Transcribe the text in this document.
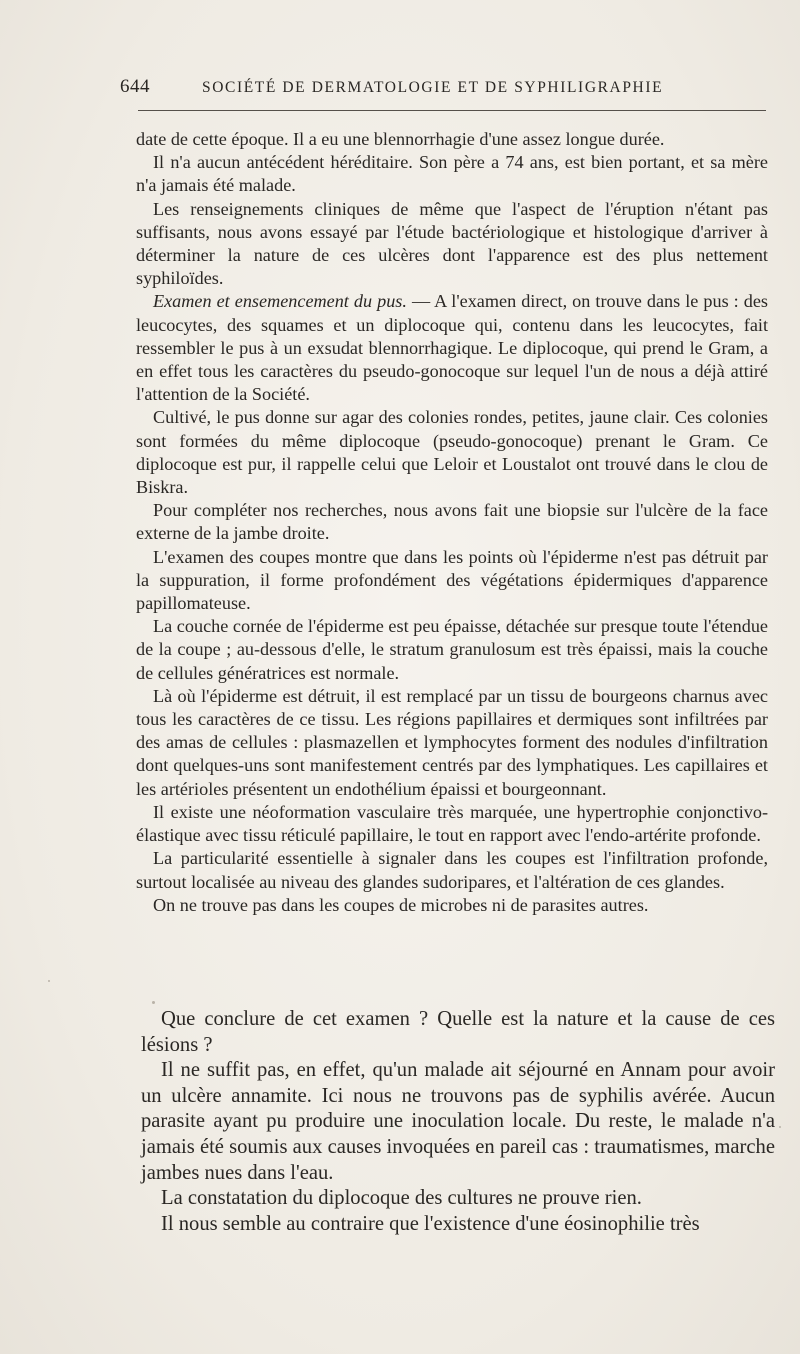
644	SOCIÉTÉ DE DERMATOLOGIE ET DE SYPHILIGRAPHIE

date de cette époque. Il a eu une blennorrhagie d'une assez longue durée.

Il n'a aucun antécédent héréditaire. Son père a 74 ans, est bien portant, et sa mère n'a jamais été malade.

Les renseignements cliniques de même que l'aspect de l'éruption n'étant pas suffisants, nous avons essayé par l'étude bactériologique et histologique d'arriver à déterminer la nature de ces ulcères dont l'apparence est des plus nettement syphiloïdes.

Examen et ensemencement du pus. — A l'examen direct, on trouve dans le pus : des leucocytes, des squames et un diplocoque qui, contenu dans les leucocytes, fait ressembler le pus à un exsudat blennorrhagique. Le diplocoque, qui prend le Gram, a en effet tous les caractères du pseudo-gonocoque sur lequel l'un de nous a déjà attiré l'attention de la Société.

Cultivé, le pus donne sur agar des colonies rondes, petites, jaune clair. Ces colonies sont formées du même diplocoque (pseudo-gonocoque) prenant le Gram. Ce diplocoque est pur, il rappelle celui que Leloir et Loustalot ont trouvé dans le clou de Biskra.

Pour compléter nos recherches, nous avons fait une biopsie sur l'ulcère de la face externe de la jambe droite.

L'examen des coupes montre que dans les points où l'épiderme n'est pas détruit par la suppuration, il forme profondément des végétations épidermiques d'apparence papillomateuse.

La couche cornée de l'épiderme est peu épaisse, détachée sur presque toute l'étendue de la coupe ; au-dessous d'elle, le stratum granulosum est très épaissi, mais la couche de cellules génératrices est normale.

Là où l'épiderme est détruit, il est remplacé par un tissu de bourgeons charnus avec tous les caractères de ce tissu. Les régions papillaires et dermiques sont infiltrées par des amas de cellules : plasmazellen et lymphocytes forment des nodules d'infiltration dont quelques-uns sont manifestement centrés par des lymphatiques. Les capillaires et les artérioles présentent un endothélium épaissi et bourgeonnant.

Il existe une néoformation vasculaire très marquée, une hypertrophie conjonctivo-élastique avec tissu réticulé papillaire, le tout en rapport avec l'endo-artérite profonde.

La particularité essentielle à signaler dans les coupes est l'infiltration profonde, surtout localisée au niveau des glandes sudoripares, et l'altération de ces glandes.

On ne trouve pas dans les coupes de microbes ni de parasites autres.

Que conclure de cet examen ? Quelle est la nature et la cause de ces lésions ?

Il ne suffit pas, en effet, qu'un malade ait séjourné en Annam pour avoir un ulcère annamite. Ici nous ne trouvons pas de syphilis avérée. Aucun parasite ayant pu produire une inoculation locale. Du reste, le malade n'a jamais été soumis aux causes invoquées en pareil cas : traumatismes, marche jambes nues dans l'eau.

La constatation du diplocoque des cultures ne prouve rien.

Il nous semble au contraire que l'existence d'une éosinophilie très
